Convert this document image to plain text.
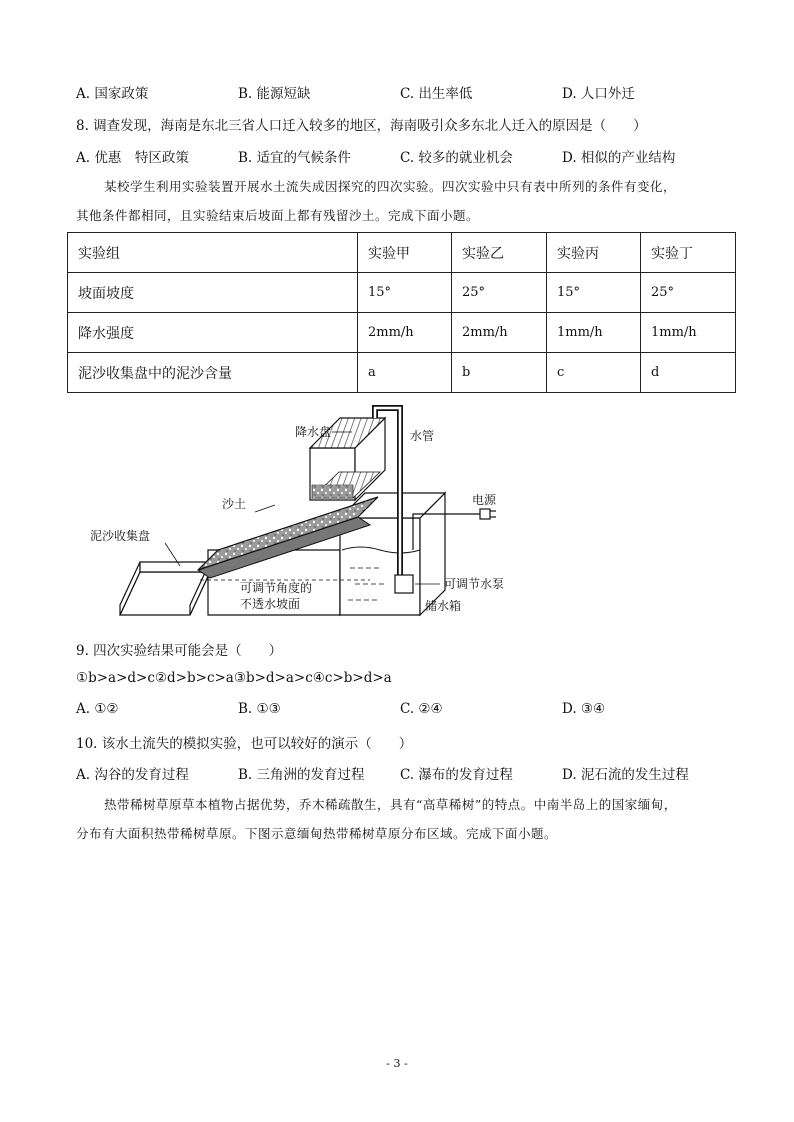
A. 国家政策	B. 能源短缺	C. 出生率低	D. 人口外迁
8. 调查发现，海南是东北三省人口迁入较多的地区，海南吸引众多东北人迁入的原因是（　　）
A. 优惠　特区政策	B. 适宜的气候条件	C. 较多的就业机会	D. 相似的产业结构
某校学生利用实验装置开展水土流失成因探究的四次实验。四次实验中只有表中所列的条件有变化，
其他条件都相同，且实验结束后坡面上都有残留沙土。完成下面小题。
实验组	实验甲	实验乙	实验丙	实验丁
坡面坡度	15°	25°	15°	25°
降水强度	2mm/h	2mm/h	1mm/h	1mm/h
泥沙收集盘中的泥沙含量	a	b	c	d
降水盘	水管
电源
沙土
泥沙收集盘
可调节角度的
不透水坡面
可调节水泵
储水箱
9. 四次实验结果可能会是（　　）
①b>a>d>c②d>b>c>a③b>d>a>c④c>b>d>a
A. ①②	B. ①③	C. ②④	D. ③④
10. 该水土流失的模拟实验，也可以较好的演示（　　）
A. 沟谷的发育过程	B. 三角洲的发育过程	C. 瀑布的发育过程	D. 泥石流的发生过程
热带稀树草原草本植物占据优势，乔木稀疏散生，具有“高草稀树”的特点。中南半岛上的国家缅甸，
分布有大面积热带稀树草原。下图示意缅甸热带稀树草原分布区域。完成下面小题。
- 3 -
